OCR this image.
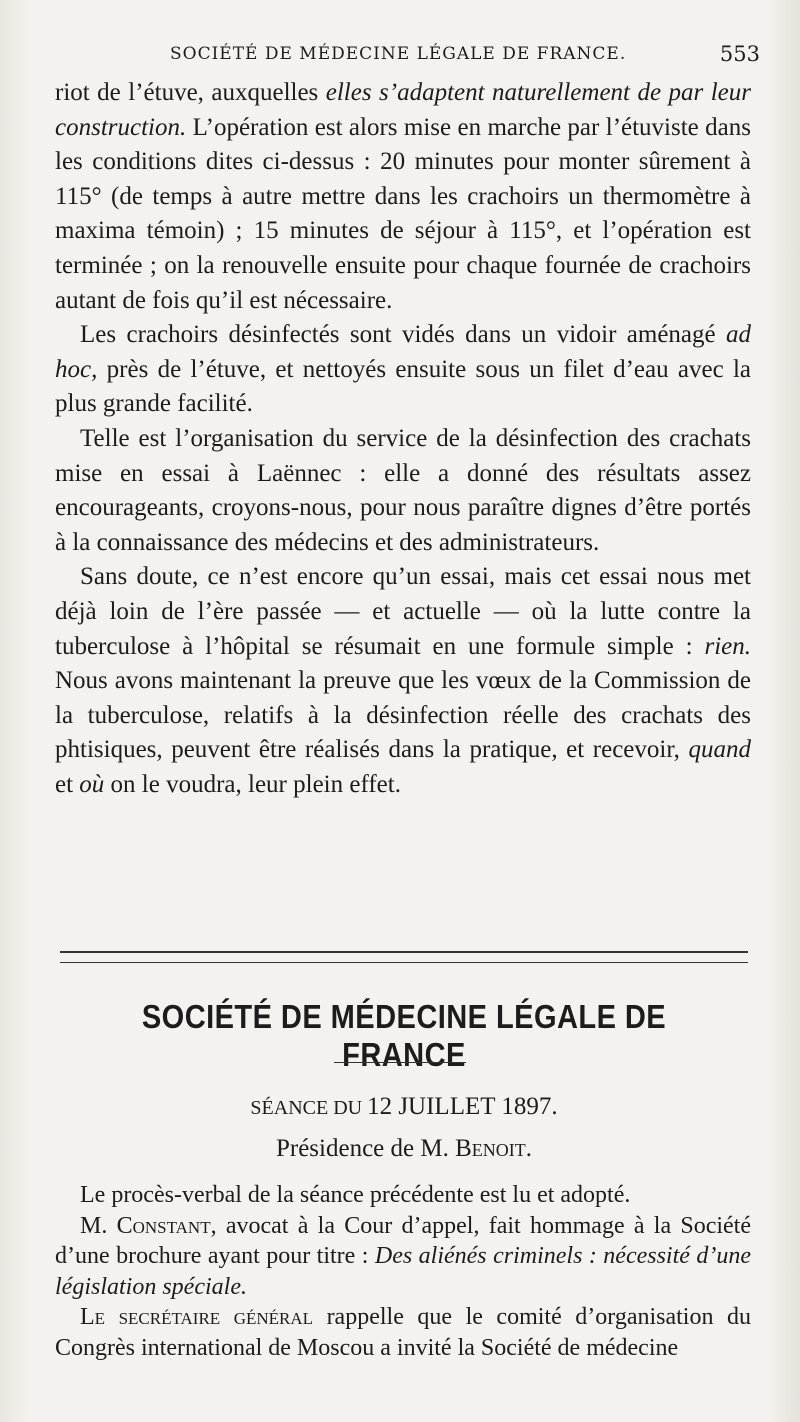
SOCIÉTÉ DE MÉDECINE LÉGALE DE FRANCE.	553

riot de l’étuve, auxquelles elles s’adaptent naturellement de par leur construction. L’opération est alors mise en marche par l’étuviste dans les conditions dites ci-dessus : 20 minutes pour monter sûrement à 115° (de temps à autre mettre dans les crachoirs un thermomètre à maxima témoin) ; 15 minutes de séjour à 115°, et l’opération est terminée ; on la renouvelle ensuite pour chaque fournée de crachoirs autant de fois qu’il est nécessaire.

Les crachoirs désinfectés sont vidés dans un vidoir aménagé ad hoc, près de l’étuve, et nettoyés ensuite sous un filet d’eau avec la plus grande facilité.

Telle est l’organisation du service de la désinfection des crachats mise en essai à Laënnec : elle a donné des résultats assez encourageants, croyons-nous, pour nous paraître dignes d’être portés à la connaissance des médecins et des administrateurs.

Sans doute, ce n’est encore qu’un essai, mais cet essai nous met déjà loin de l’ère passée — et actuelle — où la lutte contre la tuberculose à l’hôpital se résumait en une formule simple : rien. Nous avons maintenant la preuve que les vœux de la Commission de la tuberculose, relatifs à la désinfection réelle des crachats des phtisiques, peuvent être réalisés dans la pratique, et recevoir, quand et où on le voudra, leur plein effet.

SOCIÉTÉ DE MÉDECINE LÉGALE DE FRANCE
SÉANCE DU 12 JUILLET 1897.
Présidence de M. Benoit.

Le procès-verbal de la séance précédente est lu et adopté.

M. Constant, avocat à la Cour d’appel, fait hommage à la Société d’une brochure ayant pour titre : Des aliénés criminels : nécessité d’une législation spéciale.

Le secrétaire général rappelle que le comité d’organisation du Congrès international de Moscou a invité la Société de médecine
